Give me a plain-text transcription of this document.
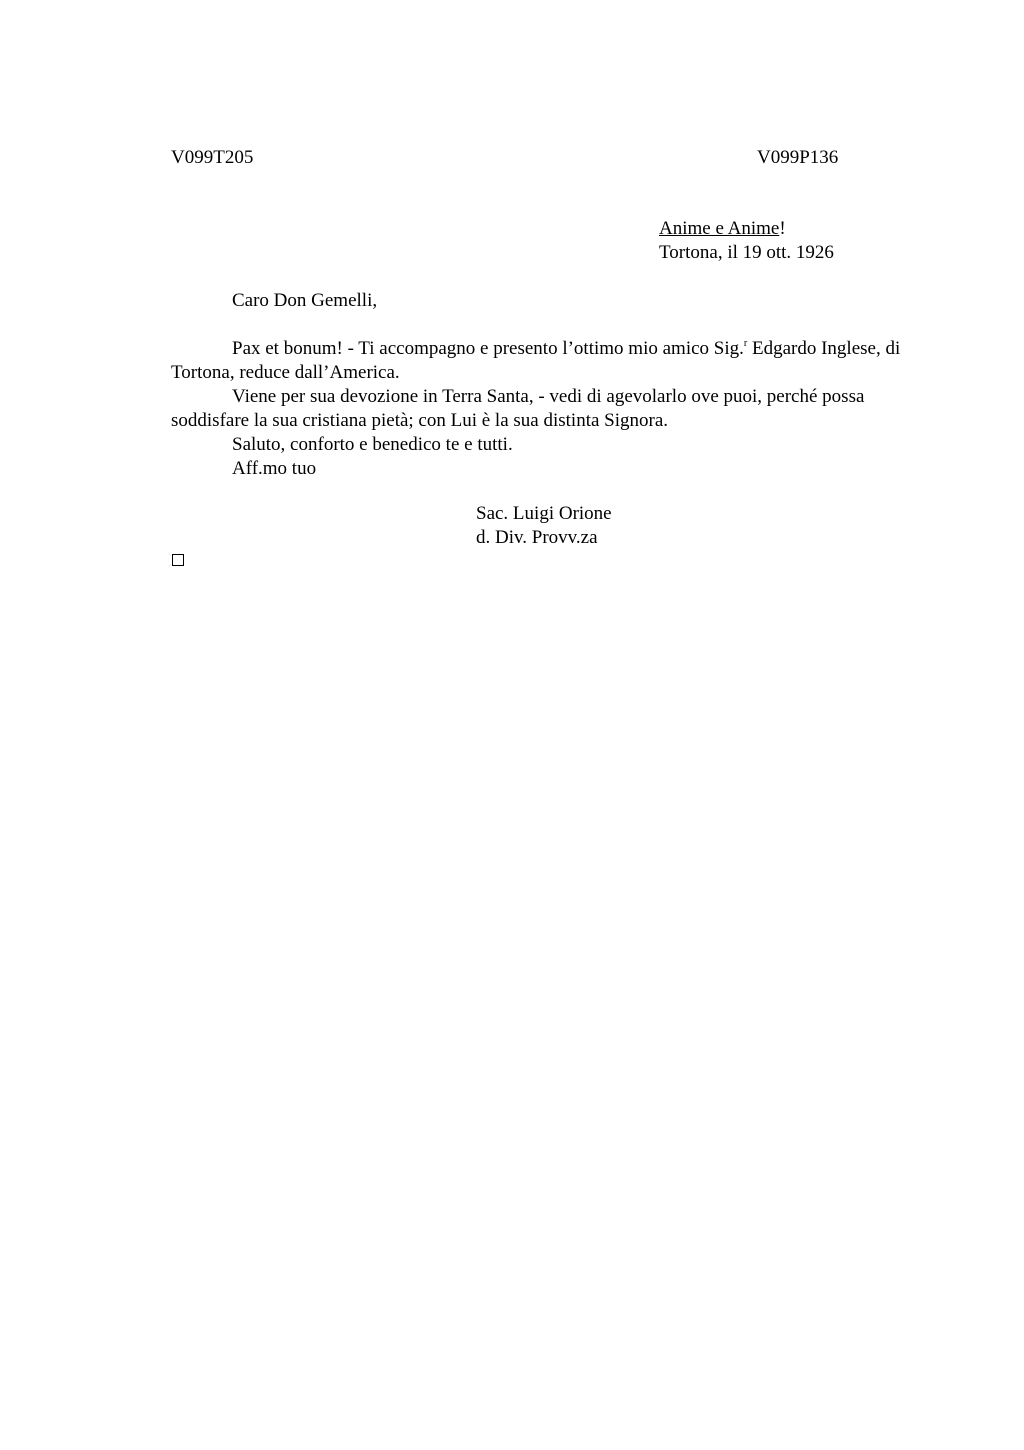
V099T205	V099P136
Anime e Anime!
Tortona, il 19 ott. 1926
Caro Don Gemelli,

Pax et bonum! - Ti accompagno e presento l’ottimo mio amico Sig.$^r$ Edgardo Inglese, di Tortona, reduce dall’America.

Viene per sua devozione in Terra Santa, - vedi di agevolarlo ove puoi, perché possa soddisfare la sua cristiana pietà; con Lui è la sua distinta Signora.

Saluto, conforto e benedico te e tutti.

Aff.mo tuo

Sac. Luigi Orione
d. Div. Provv.za
